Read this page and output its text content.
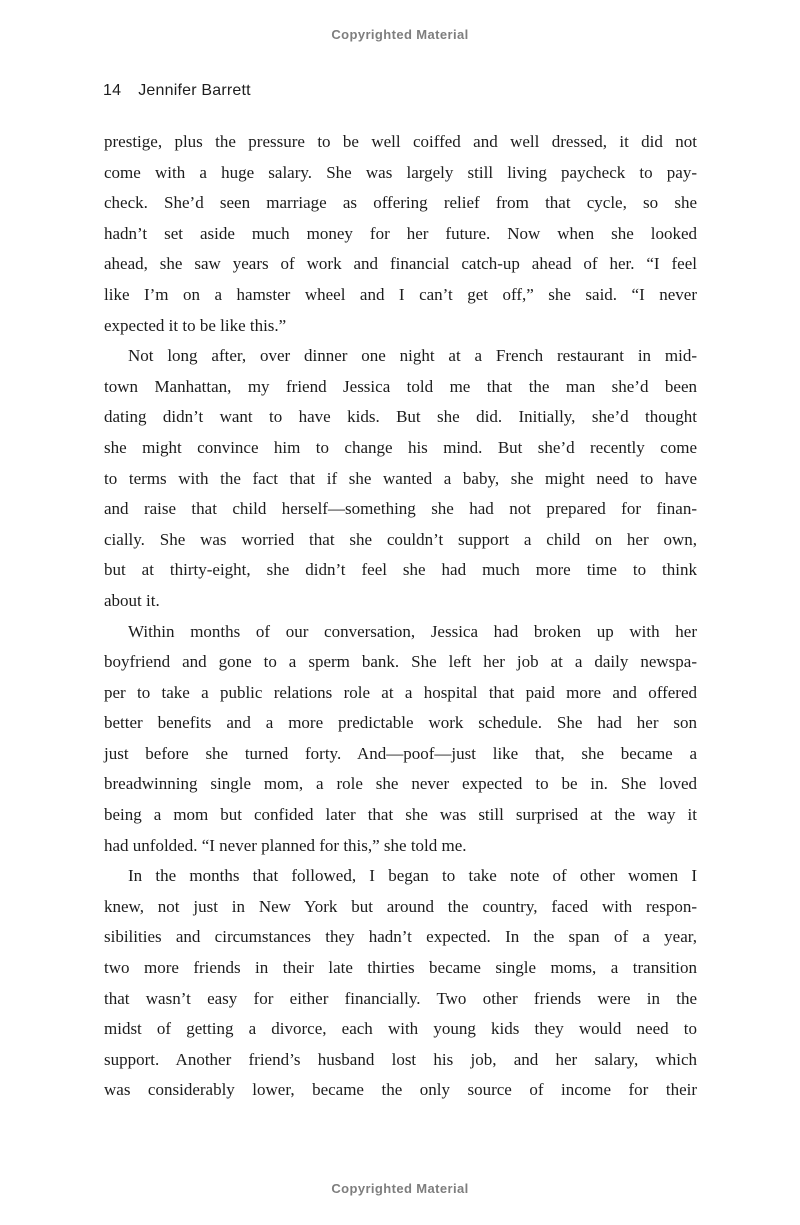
Copyrighted Material
14 Jennifer Barrett
prestige, plus the pressure to be well coiffed and well dressed, it did not
come with a huge salary. She was largely still living paycheck to pay-
check. She’d seen marriage as offering relief from that cycle, so she
hadn’t set aside much money for her future. Now when she looked
ahead, she saw years of work and financial catch-up ahead of her. “I feel
like I’m on a hamster wheel and I can’t get off,” she said. “I never
expected it to be like this.”
Not long after, over dinner one night at a French restaurant in mid-
town Manhattan, my friend Jessica told me that the man she’d been
dating didn’t want to have kids. But she did. Initially, she’d thought
she might convince him to change his mind. But she’d recently come
to terms with the fact that if she wanted a baby, she might need to have
and raise that child herself—something she had not prepared for finan-
cially. She was worried that she couldn’t support a child on her own,
but at thirty-eight, she didn’t feel she had much more time to think
about it.
Within months of our conversation, Jessica had broken up with her
boyfriend and gone to a sperm bank. She left her job at a daily newspa-
per to take a public relations role at a hospital that paid more and offered
better benefits and a more predictable work schedule. She had her son
just before she turned forty. And—poof—just like that, she became a
breadwinning single mom, a role she never expected to be in. She loved
being a mom but confided later that she was still surprised at the way it
had unfolded. “I never planned for this,” she told me.
In the months that followed, I began to take note of other women I
knew, not just in New York but around the country, faced with respon-
sibilities and circumstances they hadn’t expected. In the span of a year,
two more friends in their late thirties became single moms, a transition
that wasn’t easy for either financially. Two other friends were in the
midst of getting a divorce, each with young kids they would need to
support. Another friend’s husband lost his job, and her salary, which
was considerably lower, became the only source of income for their
Copyrighted Material
